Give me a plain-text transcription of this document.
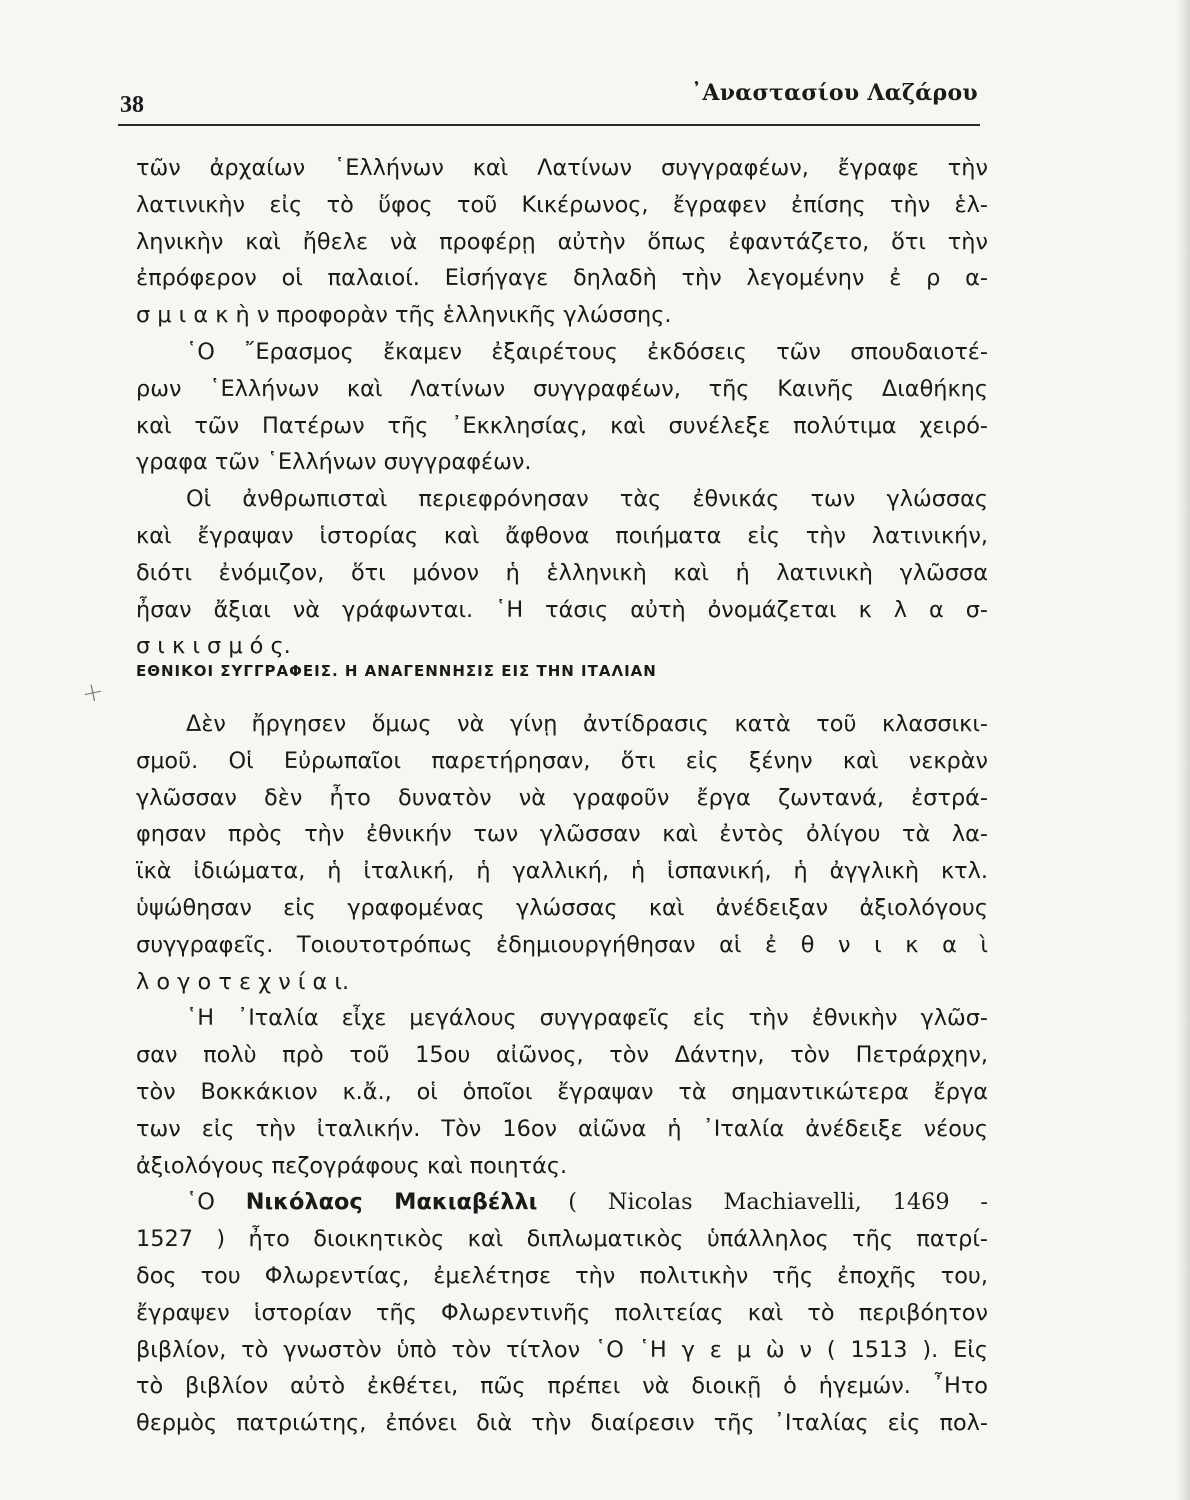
38	᾿Αναστασίου Λαζάρου
τῶν ἀρχαίων ῾Ελλήνων καὶ Λατίνων συγγραφέων, ἔγραφε τὴν
λατινικὴν εἰς τὸ ὕφος τοῦ Κικέρωνος, ἔγραφεν ἐπίσης τὴν ἑλ-
ληνικὴν καὶ ἤθελε νὰ προφέρῃ αὐτὴν ὅπως ἐφαντάζετο, ὅτι τὴν
ἐπρόφερον οἱ παλαιοί. Εἰσήγαγε δηλαδὴ τὴν λεγομένην ἐ ρ α-
σ μ ι α κ ὴ ν προφορὰν τῆς ἑλληνικῆς γλώσσης.
῾Ο ῎Ερασμος ἔκαμεν ἐξαιρέτους ἐκδόσεις τῶν σπουδαιοτέ-
ρων ῾Ελλήνων καὶ Λατίνων συγγραφέων, τῆς Καινῆς Διαθήκης
καὶ τῶν Πατέρων τῆς ᾿Εκκλησίας, καὶ συνέλεξε πολύτιμα χειρό-
γραφα τῶν ῾Ελλήνων συγγραφέων.
Οἱ ἀνθρωπισταὶ περιεφρόνησαν τὰς ἐθνικάς των γλώσσας
καὶ ἔγραψαν ἱστορίας καὶ ἄφθονα ποιήματα εἰς τὴν λατινικήν,
διότι ἐνόμιζον, ὅτι μόνον ἡ ἑλληνικὴ καὶ ἡ λατινικὴ γλῶσσα
ἦσαν ἄξιαι νὰ γράφωνται. ῾Η τάσις αὐτὴ ὀνομάζεται κ λ α σ-
σ ι κ ι σ μ ό ς.
+
ΕΘΝΙΚΟΙ ΣΥΓΓΡΑΦΕΙΣ. Η ΑΝΑΓΕΝΝΗΣΙΣ ΕΙΣ ΤΗΝ ΙΤΑΛΙΑΝ
Δὲν ἤργησεν ὅμως νὰ γίνῃ ἀντίδρασις κατὰ τοῦ κλασσικι-
σμοῦ. Οἱ Εὐρωπαῖοι παρετήρησαν, ὅτι εἰς ξένην καὶ νεκρὰν
γλῶσσαν δὲν ἦτο δυνατὸν νὰ γραφοῦν ἔργα ζωντανά, ἐστρά-
φησαν πρὸς τὴν ἐθνικήν των γλῶσσαν καὶ ἐντὸς ὀλίγου τὰ λα-
ϊκὰ ἰδιώματα, ἡ ἰταλική, ἡ γαλλική, ἡ ἱσπανική, ἡ ἀγγλικὴ κτλ.
ὑψώθησαν εἰς γραφομένας γλώσσας καὶ ἀνέδειξαν ἀξιολόγους
συγγραφεῖς. Τοιουτοτρόπως ἐδημιουργήθησαν αἱ ἐ θ ν ι κ α ὶ
λ ο γ ο τ ε χ ν ί α ι.
῾Η ᾿Ιταλία εἶχε μεγάλους συγγραφεῖς εἰς τὴν ἐθνικὴν γλῶσ-
σαν πολὺ πρὸ τοῦ 15ου αἰῶνος, τὸν Δάντην, τὸν Πετράρχην,
τὸν Βοκκάκιον κ.ἄ., οἱ ὁποῖοι ἔγραψαν τὰ σημαντικώτερα ἔργα
των εἰς τὴν ἰταλικήν. Τὸν 16ον αἰῶνα ἡ ᾿Ιταλία ἀνέδειξε νέους
ἀξιολόγους πεζογράφους καὶ ποιητάς.
῾Ο Νικόλαος Μακιαβέλλι ( Nicolas Machiavelli, 1469 -
1527 ) ἦτο διοικητικὸς καὶ διπλωματικὸς ὑπάλληλος τῆς πατρί-
δος του Φλωρεντίας, ἐμελέτησε τὴν πολιτικὴν τῆς ἐποχῆς του,
ἔγραψεν ἱστορίαν τῆς Φλωρεντινῆς πολιτείας καὶ τὸ περιβόητον
βιβλίον, τὸ γνωστὸν ὑπὸ τὸν τίτλον ῾Ο ῾Η γ ε μ ὼ ν ( 1513 ). Εἰς
τὸ βιβλίον αὐτὸ ἐκθέτει, πῶς πρέπει νὰ διοικῇ ὁ ἡγεμών. ῏Ητο
θερμὸς πατριώτης, ἐπόνει διὰ τὴν διαίρεσιν τῆς ᾿Ιταλίας εἰς πολ-
